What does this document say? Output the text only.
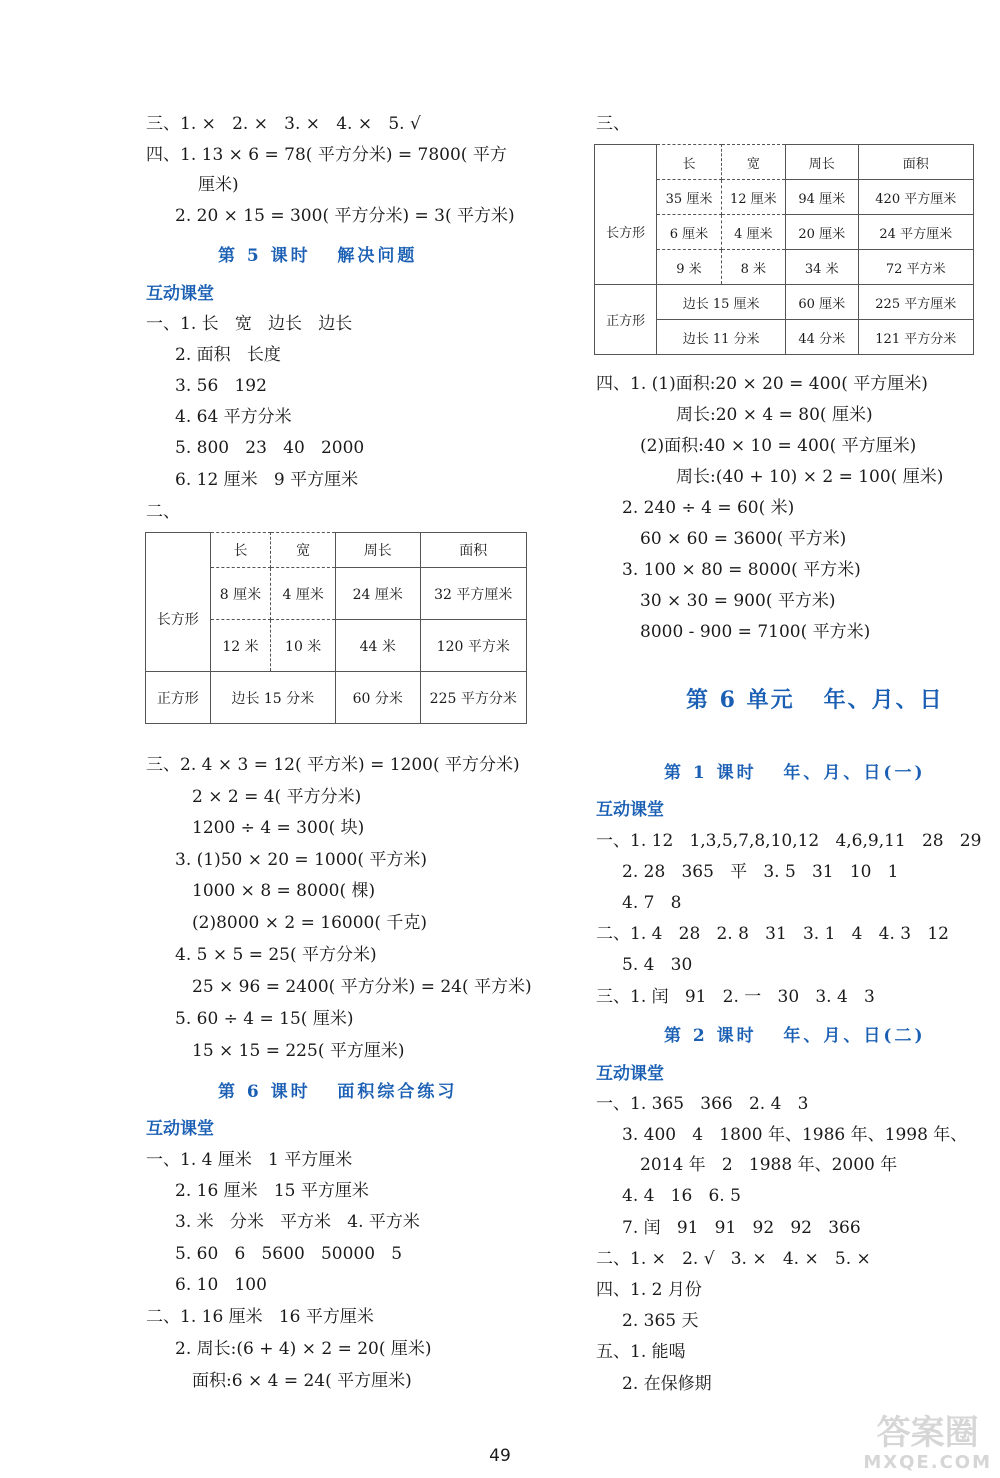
三、1. ×   2. ×   3. ×   4. ×   5. √
四、1. 13 × 6 = 78( 平方分米) = 7800( 平方
厘米)
2. 20 × 15 = 300( 平方分米) = 3( 平方米)
第 5 课时   解决问题
互动课堂
一、1. 长   宽   边长   边长
2. 面积   长度
3. 56   192
4. 64 平方分米
5. 800   23   40   2000
6. 12 厘米   9 平方厘米
二、
	长	宽	周长	面积
长方形	8 厘米	4 厘米	24 厘米	32 平方厘米
	12 米	10 米	44 米	120 平方米
正方形	边长 15 分米		60 分米	225 平方分米
三、2. 4 × 3 = 12( 平方米) = 1200( 平方分米)
2 × 2 = 4( 平方分米)
1200 ÷ 4 = 300( 块)
3. (1)50 × 20 = 1000( 平方米)
1000 × 8 = 8000( 棵)
(2)8000 × 2 = 16000( 千克)
4. 5 × 5 = 25( 平方分米)
25 × 96 = 2400( 平方分米) = 24( 平方米)
5. 60 ÷ 4 = 15( 厘米)
15 × 15 = 225( 平方厘米)
第 6 课时   面积综合练习
互动课堂
一、1. 4 厘米   1 平方厘米
2. 16 厘米   15 平方厘米
3. 米   分米   平方米   4. 平方米
5. 60   6   5600   50000   5
6. 10   100
二、1. 16 厘米   16 平方厘米
2. 周长:(6 + 4) × 2 = 20( 厘米)
面积:6 × 4 = 24( 平方厘米)
三、
	长	宽	周长	面积
长方形	35 厘米	12 厘米	94 厘米	420 平方厘米
	6 厘米	4 厘米	20 厘米	24 平方厘米
	9 米	8 米	34 米	72 平方米
正方形	边长 15 厘米		60 厘米	225 平方厘米
	边长 11 分米		44 分米	121 平方分米
四、1. (1)面积:20 × 20 = 400( 平方厘米)
周长:20 × 4 = 80( 厘米)
(2)面积:40 × 10 = 400( 平方厘米)
周长:(40 + 10) × 2 = 100( 厘米)
2. 240 ÷ 4 = 60( 米)
60 × 60 = 3600( 平方米)
3. 100 × 80 = 8000( 平方米)
30 × 30 = 900( 平方米)
8000 - 900 = 7100( 平方米)
第 6 单元   年、月、日
第 1 课时   年、月、日(一)
互动课堂
一、1. 12   1,3,5,7,8,10,12   4,6,9,11   28   29
2. 28   365   平   3. 5   31   10   1
4. 7   8
二、1. 4   28   2. 8   31   3. 1   4   4. 3   12
5. 4   30
三、1. 闰   91   2. 一   30   3. 4   3
第 2 课时   年、月、日(二)
互动课堂
一、1. 365   366   2. 4   3
3. 400   4   1800 年、1986 年、1998 年、
2014 年   2   1988 年、2000 年
4. 4   16   6. 5
7. 闰   91   91   92   92   366
二、1. ×   2. √   3. ×   4. ×   5. ×
四、1. 2 月份
2. 365 天
五、1. 能喝
2. 在保修期
49
答案圈
MXQE.COM
